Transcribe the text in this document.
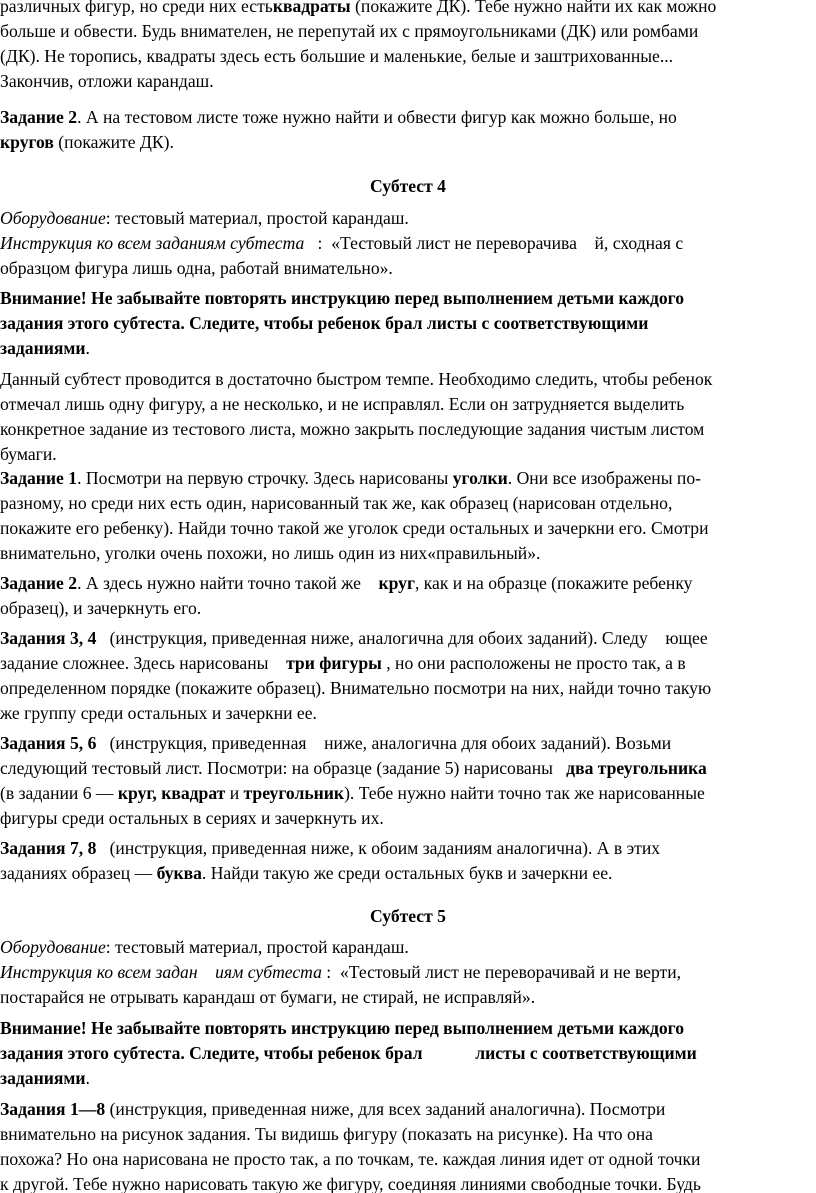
различных фигур, но среди них естьквадраты (покажите ДК). Тебе нужно найти их как можно
больше и обвести. Будь внимателен, не перепутай их с прямоугольниками (ДК) или ромбами
(ДК). Не торопись, квадраты здесь есть большие и маленькие, белые и заштрихованные...
Закончив, отложи карандаш.
Задание 2. А на тестовом листе тоже нужно найти и обвести фигур как можно больше, но
кругов (покажите ДК).
Субтест 4
Оборудование: тестовый материал, простой карандаш.
Инструкция ко всем заданиям субтеста   :  «Тестовый лист не переворачива    й, сходная с
образцом фигура лишь одна, работай внимательно».
Внимание! Не забывайте повторять инструкцию перед выполнением детьми каждого
задания этого субтеста. Следите, чтобы ребенок брал листы с соответствующими
заданиями.
Данный субтест проводится в достаточно быстром темпе. Необходимо следить, чтобы ребенок
отмечал лишь одну фигуру, а не несколько, и не исправлял. Если он затрудняется выделить
конкретное задание из тестового листа, можно закрыть последующие задания чистым листом
бумаги.
Задание 1. Посмотри на первую строчку. Здесь нарисованы уголки. Они все изображены по-
разному, но среди них есть один, нарисованный так же, как образец (нарисован отдельно,
покажите его ребенку). Найди точно такой же уголок среди остальных и зачеркни его. Смотри
внимательно, уголки очень похожи, но лишь один из них«правильный».
Задание 2. А здесь нужно найти точно такой же    круг, как и на образце (покажите ребенку
образец), и зачеркнуть его.
Задания 3, 4   (инструкция, приведенная ниже, аналогична для обоих заданий). Следу    ющее
задание сложнее. Здесь нарисованы    три фигуры , но они расположены не просто так, а в
определенном порядке (покажите образец). Внимательно посмотри на них, найди точно такую
же группу среди остальных и зачеркни ее.
Задания 5, 6   (инструкция, приведенная    ниже, аналогична для обоих заданий). Возьми
следующий тестовый лист. Посмотри: на образце (задание 5) нарисованы   два треугольника
(в задании 6 — круг, квадрат и треугольник). Тебе нужно найти точно так же нарисованные
фигуры среди остальных в сериях и зачеркнуть их.
Задания 7, 8   (инструкция, приведенная ниже, к обоим заданиям аналогична). А в этих
заданиях образец — буква. Найди такую же среди остальных букв и зачеркни ее.
Субтест 5
Оборудование: тестовый материал, простой карандаш.
Инструкция ко всем задан    иям субтеста :  «Тестовый лист не переворачивай и не верти,
постарайся не отрывать карандаш от бумаги, не стирай, не исправляй».
Внимание! Не забывайте повторять инструкцию перед выполнением детьми каждого
задания этого субтеста. Следите, чтобы ребенок брал            листы с соответствующими
заданиями.
Задания 1—8 (инструкция, приведенная ниже, для всех заданий аналогична). Посмотри
внимательно на рисунок задания. Ты видишь фигуру (показать на рисунке). На что она
похожа? Но она нарисована не просто так, а по точкам, те. каждая линия идет от одной точки
к другой. Тебе нужно нарисовать такую же фигуру, соединяя линиями свободные точки. Будь
